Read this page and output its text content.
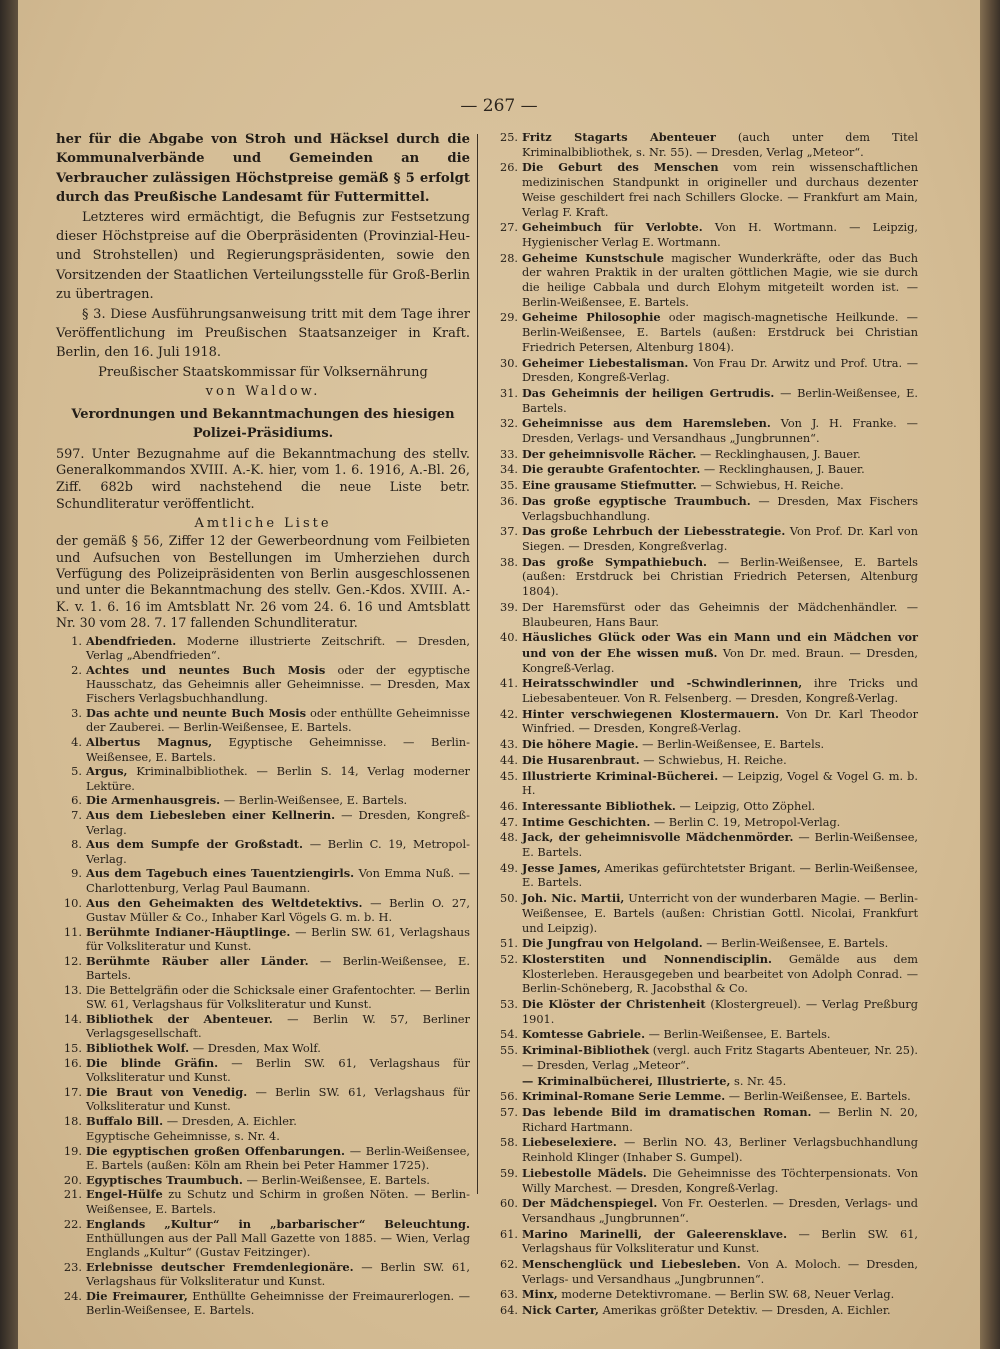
— 267 —
her für die Abgabe von Stroh und Häcksel durch die Kommunalverbände und Gemeinden an die Verbraucher zulässigen Höchstpreise gemäß § 5 erfolgt durch das Preußische Landesamt für Futtermittel.
Letzteres wird ermächtigt, die Befugnis zur Festsetzung dieser Höchstpreise auf die Oberpräsidenten (Provinzial-Heu- und Strohstellen) und Regierungspräsidenten, sowie den Vorsitzenden der Staatlichen Verteilungsstelle für Groß-Berlin zu übertragen.
§ 3. Diese Ausführungsanweisung tritt mit dem Tage ihrer Veröffentlichung im Preußischen Staatsanzeiger in Kraft. Berlin, den 16. Juli 1918.
Preußischer Staatskommissar für Volksernährung
von Waldow.
Verordnungen und Bekanntmachungen des hiesigen Polizei-Präsidiums.
597. Unter Bezugnahme auf die Bekanntmachung des stellv. Generalkommandos XVIII. A.-K. hier, vom 1. 6. 1916, A.-Bl. 26, Ziff. 682b wird nachstehend die neue Liste betr. Schundliteratur veröffentlicht.
Amtliche Liste
der gemäß § 56, Ziffer 12 der Gewerbeordnung vom Feilbieten und Aufsuchen von Bestellungen im Umherziehen durch Verfügung des Polizeipräsidenten von Berlin ausgeschlossenen und unter die Bekanntmachung des stellv. Gen.-Kdos. XVIII. A.-K. v. 1. 6. 16 im Amtsblatt Nr. 26 vom 24. 6. 16 und Amtsblatt Nr. 30 vom 28. 7. 17 fallenden Schundliteratur.
1. Abendfrieden. Moderne illustrierte Zeitschrift. — Dresden, Verlag „Abendfrieden“.
2. Achtes und neuntes Buch Mosis oder der egyptische Hausschatz, das Geheimnis aller Geheimnisse. — Dresden, Max Fischers Verlagsbuchhandlung.
3. Das achte und neunte Buch Mosis oder enthüllte Geheimnisse der Zauberei. — Berlin-Weißensee, E. Bartels.
4. Albertus Magnus, Egyptische Geheimnisse. — Berlin-Weißensee, E. Bartels.
5. Argus, Kriminalbibliothek. — Berlin S. 14, Verlag moderner Lektüre.
6. Die Armenhausgreis. — Berlin-Weißensee, E. Bartels.
7. Aus dem Liebesleben einer Kellnerin. — Dresden, Kongreß-Verlag.
8. Aus dem Sumpfe der Großstadt. — Berlin C. 19, Metropol-Verlag.
9. Aus dem Tagebuch eines Tauentziengirls. Von Emma Nuß. — Charlottenburg, Verlag Paul Baumann.
10. Aus den Geheimakten des Weltdetektivs. — Berlin O. 27, Gustav Müller & Co., Inhaber Karl Vögels G. m. b. H.
11. Berühmte Indianer-Häuptlinge. — Berlin SW. 61, Verlagshaus für Volksliteratur und Kunst.
12. Berühmte Räuber aller Länder. — Berlin-Weißensee, E. Bartels.
13. Die Bettelgräfin oder die Schicksale einer Grafentochter. — Berlin SW. 61, Verlagshaus für Volksliteratur und Kunst.
14. Bibliothek der Abenteuer. — Berlin W. 57, Berliner Verlagsgesellschaft.
15. Bibliothek Wolf. — Dresden, Max Wolf.
16. Die blinde Gräfin. — Berlin SW. 61, Verlagshaus für Volksliteratur und Kunst.
17. Die Braut von Venedig. — Berlin SW. 61, Verlagshaus für Volksliteratur und Kunst.
18. Buffalo Bill. — Dresden, A. Eichler.
Egyptische Geheimnisse, s. Nr. 4.
19. Die egyptischen großen Offenbarungen. — Berlin-Weißensee, E. Bartels (außen: Köln am Rhein bei Peter Hammer 1725).
20. Egyptisches Traumbuch. — Berlin-Weißensee, E. Bartels.
21. Engel-Hülfe zu Schutz und Schirm in großen Nöten. — Berlin-Weißensee, E. Bartels.
22. Englands „Kultur“ in „barbarischer“ Beleuchtung. Enthüllungen aus der Pall Mall Gazette von 1885. — Wien, Verlag Englands „Kultur“ (Gustav Feitzinger).
23. Erlebnisse deutscher Fremdenlegionäre. — Berlin SW. 61, Verlagshaus für Volksliteratur und Kunst.
24. Die Freimaurer, Enthüllte Geheimnisse der Freimaurerlogen. — Berlin-Weißensee, E. Bartels.
25. Fritz Stagarts Abenteuer (auch unter dem Titel Kriminalbibliothek, s. Nr. 55). — Dresden, Verlag „Meteor“.
26. Die Geburt des Menschen vom rein wissenschaftlichen medizinischen Standpunkt in origineller und durchaus dezenter Weise geschildert frei nach Schillers Glocke. — Frankfurt am Main, Verlag F. Kraft.
27. Geheimbuch für Verlobte. Von H. Wortmann. — Leipzig, Hygienischer Verlag E. Wortmann.
28. Geheime Kunstschule magischer Wunderkräfte, oder das Buch der wahren Praktik in der uralten göttlichen Magie, wie sie durch die heilige Cabbala und durch Elohym mitgeteilt worden ist. — Berlin-Weißensee, E. Bartels.
29. Geheime Philosophie oder magisch-magnetische Heilkunde. — Berlin-Weißensee, E. Bartels (außen: Erstdruck bei Christian Friedrich Petersen, Altenburg 1804).
30. Geheimer Liebestalisman. Von Frau Dr. Arwitz und Prof. Utra. — Dresden, Kongreß-Verlag.
31. Das Geheimnis der heiligen Gertrudis. — Berlin-Weißensee, E. Bartels.
32. Geheimnisse aus dem Haremsleben. Von J. H. Franke. — Dresden, Verlags- und Versandhaus „Jungbrunnen“.
33. Der geheimnisvolle Rächer. — Recklinghausen, J. Bauer.
34. Die geraubte Grafentochter. — Recklinghausen, J. Bauer.
35. Eine grausame Stiefmutter. — Schwiebus, H. Reiche.
36. Das große egyptische Traumbuch. — Dresden, Max Fischers Verlagsbuchhandlung.
37. Das große Lehrbuch der Liebesstrategie. Von Prof. Dr. Karl von Siegen. — Dresden, Kongreßverlag.
38. Das große Sympathiebuch. — Berlin-Weißensee, E. Bartels (außen: Erstdruck bei Christian Friedrich Petersen, Altenburg 1804).
39. Der Haremsfürst oder das Geheimnis der Mädchenhändler. — Blaubeuren, Hans Baur.
40. Häusliches Glück oder Was ein Mann und ein Mädchen vor und von der Ehe wissen muß. Von Dr. med. Braun. — Dresden, Kongreß-Verlag.
41. Heiratsschwindler und -Schwindlerinnen, ihre Tricks und Liebesabenteuer. Von R. Felsenberg. — Dresden, Kongreß-Verlag.
42. Hinter verschwiegenen Klostermauern. Von Dr. Karl Theodor Winfried. — Dresden, Kongreß-Verlag.
43. Die höhere Magie. — Berlin-Weißensee, E. Bartels.
44. Die Husarenbraut. — Schwiebus, H. Reiche.
45. Illustrierte Kriminal-Bücherei. — Leipzig, Vogel & Vogel G. m. b. H.
46. Interessante Bibliothek. — Leipzig, Otto Zöphel.
47. Intime Geschichten. — Berlin C. 19, Metropol-Verlag.
48. Jack, der geheimnisvolle Mädchenmörder. — Berlin-Weißensee, E. Bartels.
49. Jesse James, Amerikas gefürchtetster Brigant. — Berlin-Weißensee, E. Bartels.
50. Joh. Nic. Martii, Unterricht von der wunderbaren Magie. — Berlin-Weißensee, E. Bartels (außen: Christian Gottl. Nicolai, Frankfurt und Leipzig).
51. Die Jungfrau von Helgoland. — Berlin-Weißensee, E. Bartels.
52. Klosterstiten und Nonnendisciplin. Gemälde aus dem Klosterleben. Herausgegeben und bearbeitet von Adolph Conrad. — Berlin-Schöneberg, R. Jacobsthal & Co.
53. Die Klöster der Christenheit (Klostergreuel). — Verlag Preßburg 1901.
54. Komtesse Gabriele. — Berlin-Weißensee, E. Bartels.
55. Kriminal-Bibliothek (vergl. auch Fritz Stagarts Abenteuer, Nr. 25). — Dresden, Verlag „Meteor“.
— Kriminalbücherei, Illustrierte, s. Nr. 45.
56. Kriminal-Romane Serie Lemme. — Berlin-Weißensee, E. Bartels.
57. Das lebende Bild im dramatischen Roman. — Berlin N. 20, Richard Hartmann.
58. Liebeselexiere. — Berlin NO. 43, Berliner Verlagsbuchhandlung Reinhold Klinger (Inhaber S. Gumpel).
59. Liebestolle Mädels. Die Geheimnisse des Töchterpensionats. Von Willy Marchest. — Dresden, Kongreß-Verlag.
60. Der Mädchenspiegel. Von Fr. Oesterlen. — Dresden, Verlags- und Versandhaus „Jungbrunnen“.
61. Marino Marinelli, der Galeerensklave. — Berlin SW. 61, Verlagshaus für Volksliteratur und Kunst.
62. Menschenglück und Liebesleben. Von A. Moloch. — Dresden, Verlags- und Versandhaus „Jungbrunnen“.
63. Minx, moderne Detektivromane. — Berlin SW. 68, Neuer Verlag.
64. Nick Carter, Amerikas größter Detektiv. — Dresden, A. Eichler.
